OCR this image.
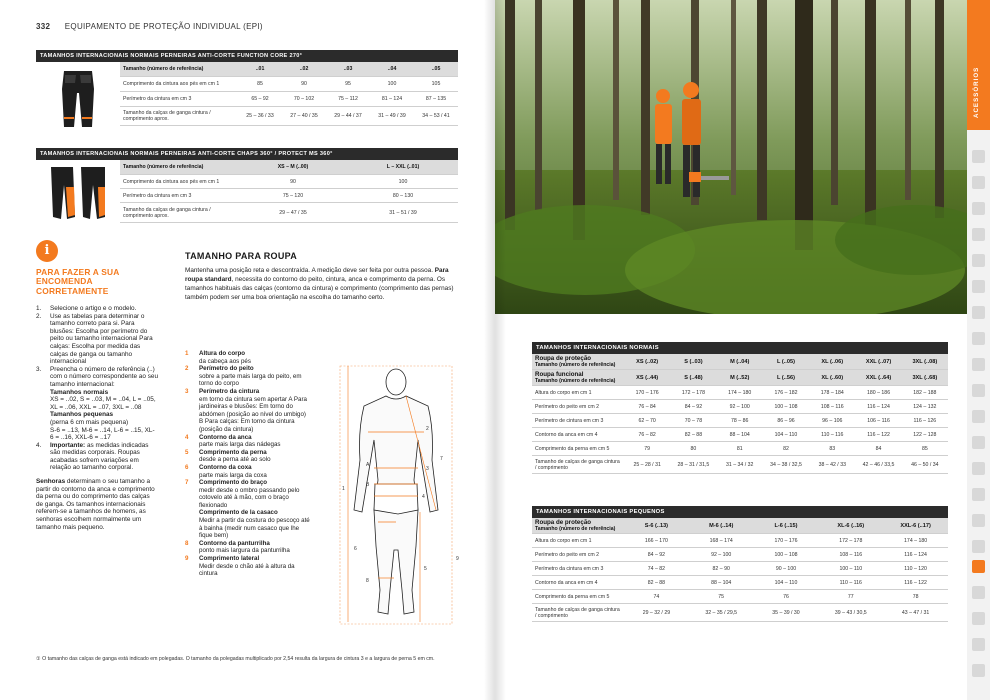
332 EQUIPAMENTO DE PROTEÇÃO INDIVIDUAL (EPI)
TAMANHOS INTERNACIONAIS NORMAIS PERNEIRAS ANTI-CORTE FUNCTION CORE 270°
Tamanho (número de referência)	..01	..02	..03	..04	..05
Comprimento da cintura aos pés em cm 1	85	90	95	100	105
Perímetro da cintura em cm 3	65 – 92	70 – 102	75 – 112	81 – 124	87 – 135
Tamanho da calças de ganga cintura / comprimento aprox.	25 – 36 / 33	27 – 40 / 35	29 – 44 / 37	31 – 49 / 39	34 – 53 / 41
TAMANHOS INTERNACIONAIS NORMAIS PERNEIRAS ANTI-CORTE CHAPS 360° / PROTECT MS 360°
Tamanho (número de referência)	XS – M (..00)	L – XXL (..01)
Comprimento da cintura aos pés em cm 1	90	100
Perímetro da cintura em cm 3	75 – 120	80 – 130
Tamanho da calças de ganga cintura / comprimento aprox.	29 – 47 / 35	31 – 51 / 39
i
PARA FAZER A SUA ENCOMENDA CORRETAMENTE
1. Selecione o artigo e o modelo.
2.	Use as tabelas para determinar o tamanho correto para si. Para blusões: Escolha por perímetro do peito ou tamanho internacional Para calças: Escolha por medida das calças de ganga ou tamanho internacional
3.	Preencha o número de referência (..) com o número correspondente ao seu tamanho internacional:
Tamanhos normais
XS = ..02, S = ..03, M = ..04, L = ..05, XL = ..06, XXL = ..07, 3XL = ..08
Tamanhos pequenas
(perna 6 cm mais pequena)
S-6 = ..13, M-6 = ..14, L-6 = ..15, XL-6 = ..16, XXL-6 = ..17
4.	Importante: as medidas indicadas são medidas corporais. Roupas acabadas sofrem variações em relação ao tamanho corporal.
Senhoras determinam o seu tamanho a partir do contorno da anca e comprimento da perna ou do comprimento das calças de ganga. Os tamanhos internacionais referem-se a tamanhos de homens, as senhoras escolhem normalmente um tamanho mais pequeno.
TAMANHO PARA ROUPA
Mantenha uma posição reta e descontraída. A medição deve ser feita por outra pessoa. Para roupa standard, necessita do contorno do peito, cintura, anca e comprimento da perna. Os tamanhos habituais das calças (contorno da cintura) e comprimento (comprimento das pernas) também podem ser uma boa orientação na escolha do tamanho certo.
1	Altura do corpo
da cabeça aos pés
2	Perímetro do peito
sobre a parte mais larga do peito, em torno do corpo
3	Perímetro da cintura
em torno da cintura sem apertar A Para jardineiras e blusões: Em torno do abdómen (posição ao nível do umbigo) B Para calças: Em torno da cintura (posição da cintura)
4	Contorno da anca
parte mais larga das nádegas
5	Comprimento da perna
desde a perna até ao solo
6	Contorno da coxa
parte mais larga da coxa
7	Comprimento do braço
medir desde o ombro passando pelo cotovelo até à mão, com o braço flexionado
Comprimento de la casaco
Medir a partir da costura do pescoço até à bainha (medir num casaco que lhe fique bem)
8	Contorno da panturrilha
ponto mais largura da panturrilha
9	Comprimento lateral
Medir desde o chão até à altura da cintura
1
2
3
4
5
6
7
8
9
A
B
① O tamanho das calças de ganga está indicado em polegadas. O tamanho da polegadas multiplicado por 2,54 resulta da largura de cintura 3 e a largura de perna 5 em cm.
ACESSÓRIOS
TAMANHOS INTERNACIONAIS NORMAIS
Roupa de proteção
Tamanho (número de referência)	XS (..02)	S (..03)	M (..04)	L (..05)	XL (..06)	XXL (..07)	3XL (..08)
Roupa funcional
Tamanho (número de referência)	XS (..44)	S (..48)	M (..52)	L (..56)	XL (..60)	XXL (..64)	3XL (..68)
Altura do corpo em cm 1	170 – 176	172 – 178	174 – 180	176 – 182	178 – 184	180 – 186	182 – 188
Perímetro do peito em cm 2	76 – 84	84 – 92	92 – 100	100 – 108	108 – 116	116 – 124	124 – 132
Perímetro de cintura em cm 3	62 – 70	70 – 78	78 – 86	86 – 96	96 – 106	106 – 116	116 – 126
Contorno da anca em cm 4	76 – 82	82 – 88	88 – 104	104 – 110	110 – 116	116 – 122	122 – 128
Comprimento da perna em cm 5	79	80	81	82	83	84	85
Tamanho de calças de ganga cintura / comprimento	25 – 28 / 31	28 – 31 / 31,5	31 – 34 / 32	34 – 38 / 32,5	38 – 42 / 33	42 – 46 / 33,5	46 – 50 / 34
TAMANHOS INTERNACIONAIS PEQUENOS
Roupa de proteção
Tamanho (número de referência)	S-6 (..13)	M-6 (..14)	L-6 (..15)	XL-6 (..16)	XXL-6 (..17)
Altura do corpo em cm 1	166 – 170	168 – 174	170 – 176	172 – 178	174 – 180
Perímetro do peito em cm 2	84 – 92	92 – 100	100 – 108	108 – 116	116 – 124
Perímetro da cintura em cm 3	74 – 82	82 – 90	90 – 100	100 – 110	110 – 120
Contorno da anca em cm 4	82 – 88	88 – 104	104 – 110	110 – 116	116 – 122
Comprimento da perna em cm 5	74	75	76	77	78
Tamanho de calças de ganga cintura / comprimento	29 – 32 / 29	32 – 35 / 29,5	35 – 39 / 30	39 – 43 / 30,5	43 – 47 / 31
